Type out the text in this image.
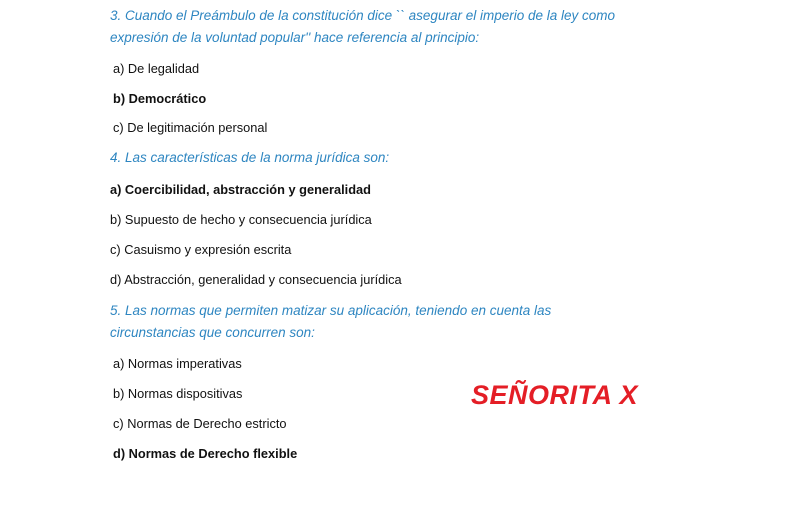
3. Cuando el Preámbulo de la constitución dice `` asegurar el imperio de la ley como
expresión de la voluntad popular'' hace referencia al principio:
a) De legalidad
b) Democrático
c) De legitimación personal
4. Las características de la norma jurídica son:
a) Coercibilidad, abstracción y generalidad
b) Supuesto de hecho y consecuencia jurídica
c) Casuismo y expresión escrita
d) Abstracción, generalidad y consecuencia jurídica
5. Las normas que permiten matizar su aplicación, teniendo en cuenta las
circunstancias que concurren son:
a) Normas imperativas
b) Normas dispositivas
c) Normas de Derecho estricto
d) Normas de Derecho flexible
SEÑORITA X
